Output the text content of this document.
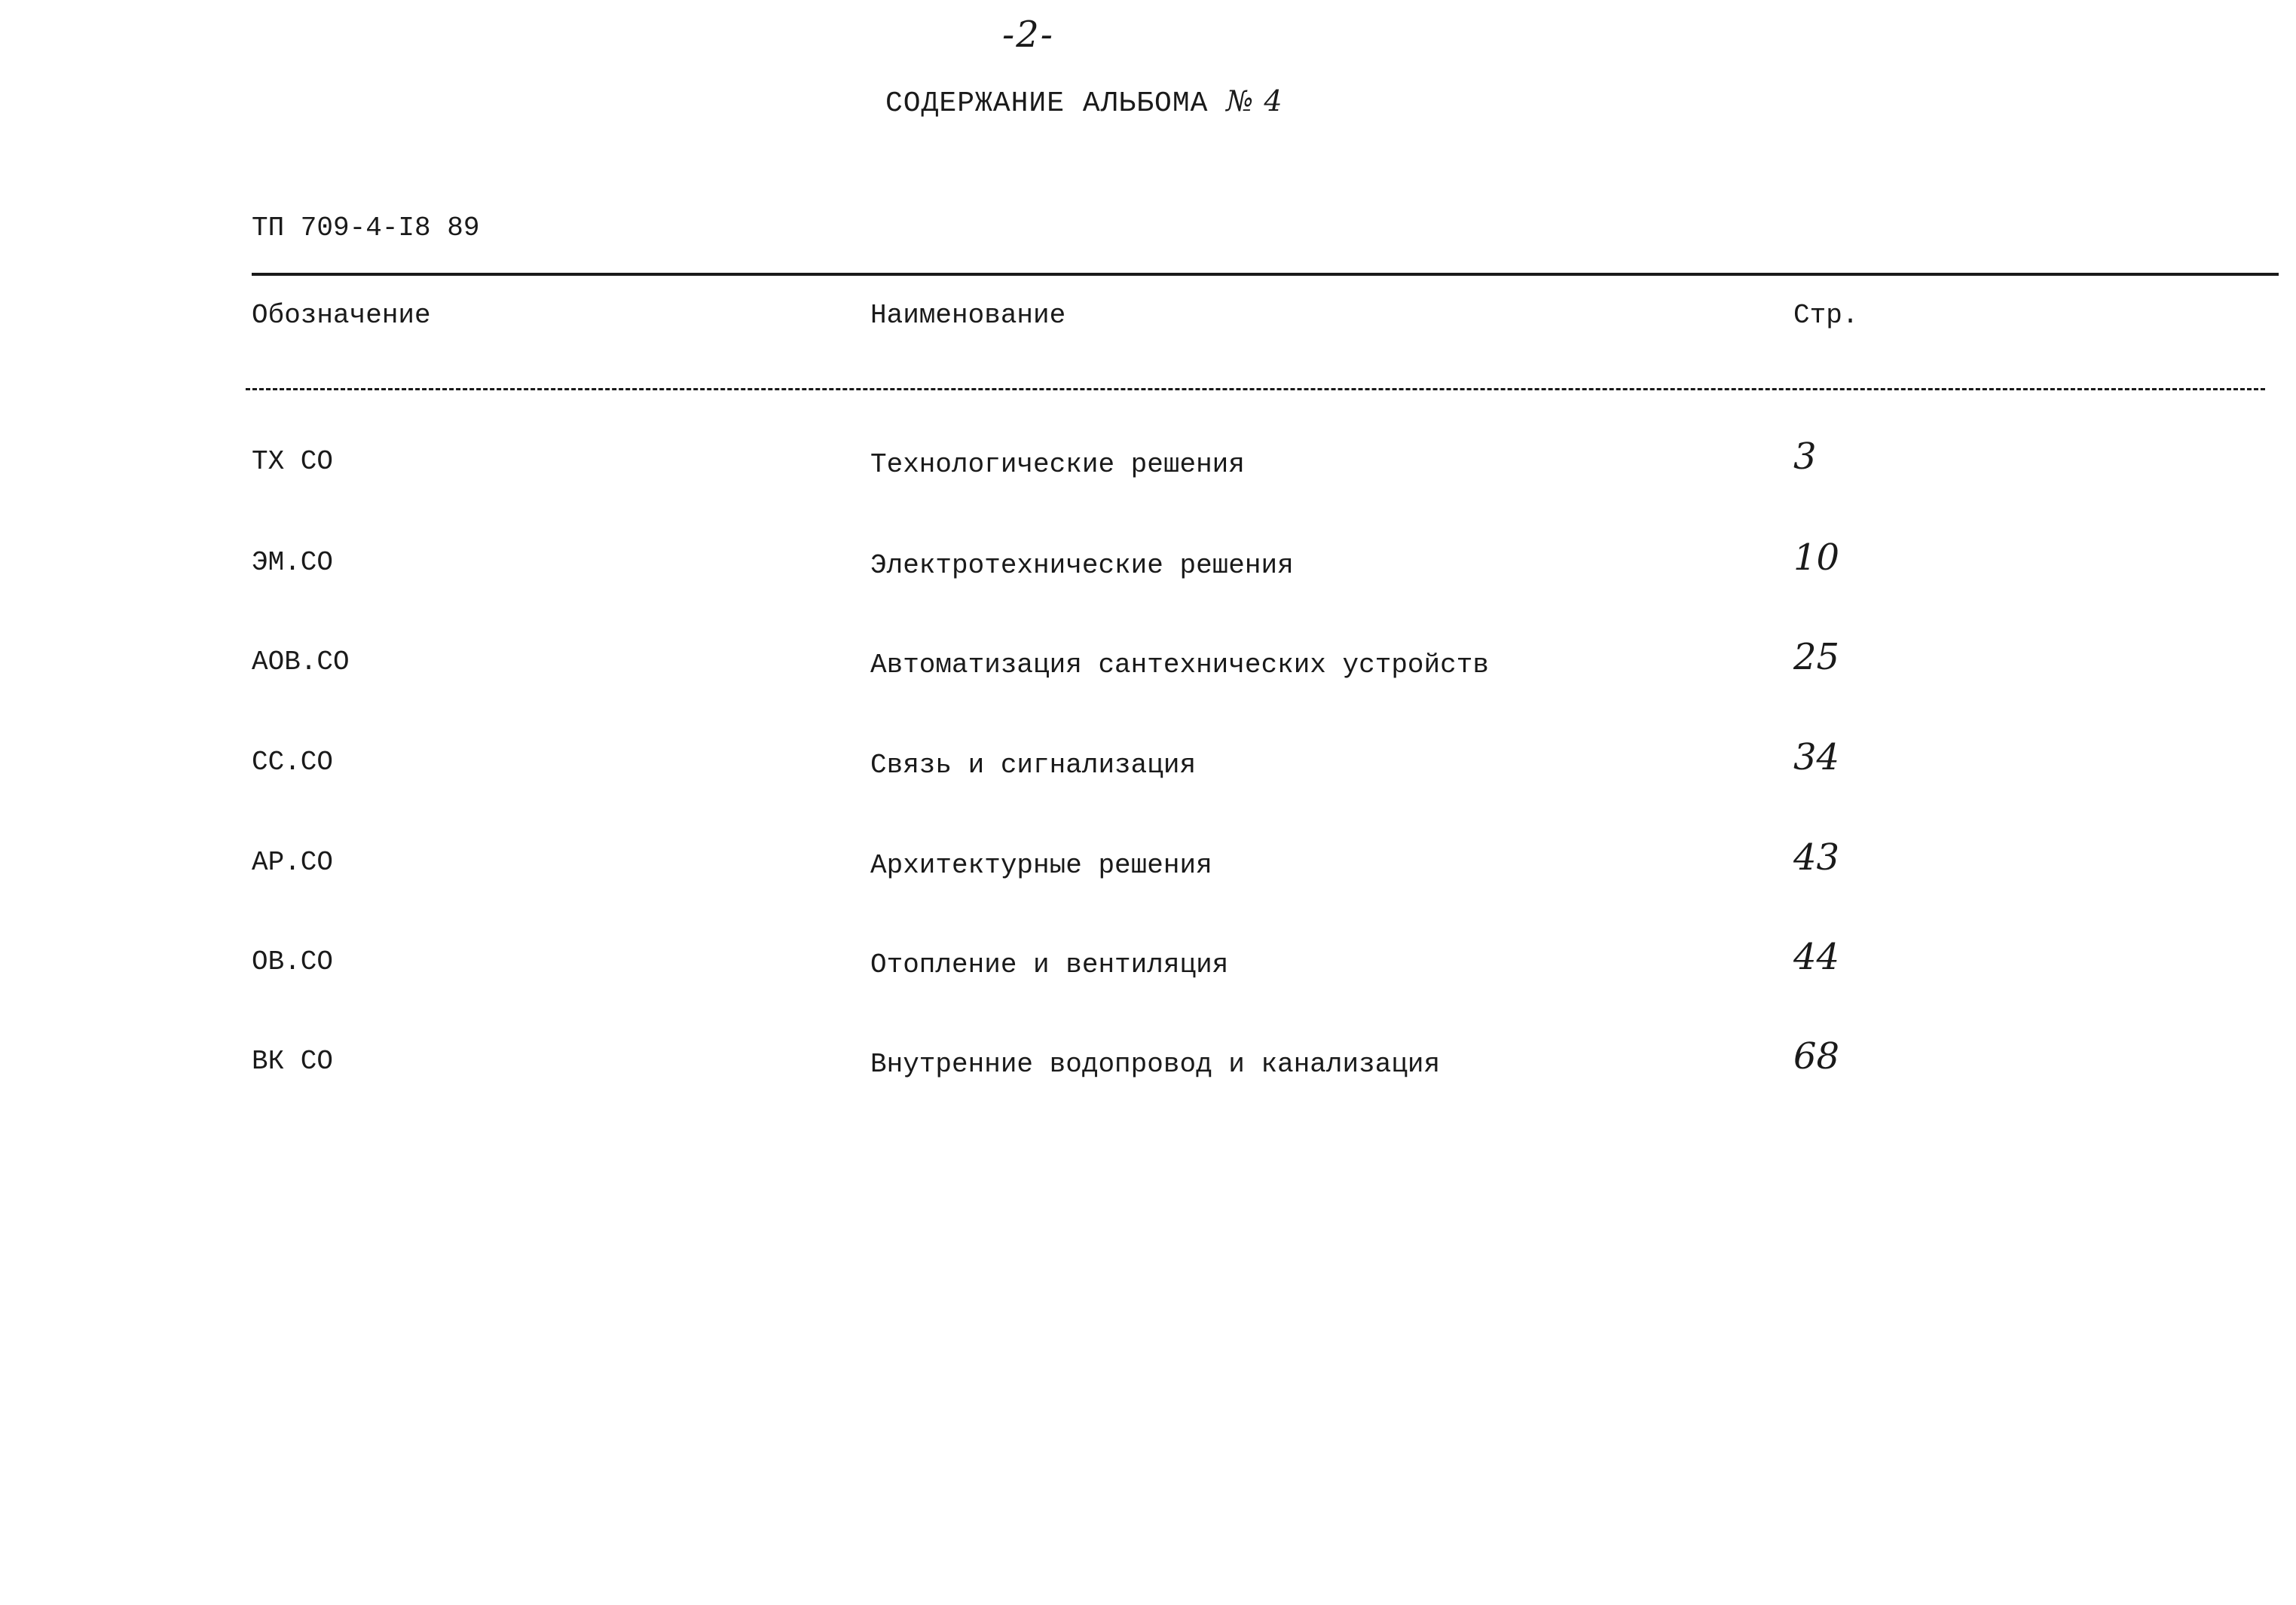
-2-
СОДЕРЖАНИЕ АЛЬБОМА № 4
ТП 709-4-I8 89
Обозначение	Наименование	Стр.
ТХ СО	Технологические решения	3
ЭМ.СО	Электротехнические решения	10
АОВ.СО	Автоматизация сантехнических устройств	25
СС.СО	Связь и сигнализация	34
АР.СО	Архитектурные решения	43
ОВ.СО	Отопление и вентиляция	44
ВК СО	Внутренние водопровод и канализация	68
